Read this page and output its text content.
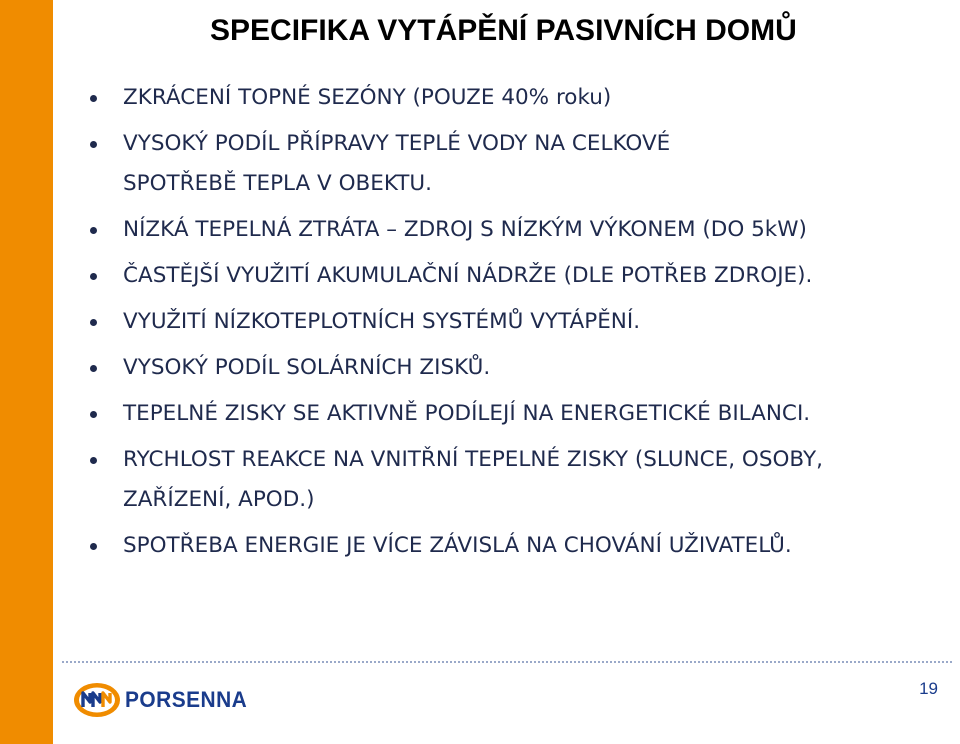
SPECIFIKA VYTÁPĚNÍ PASIVNÍCH DOMŮ
ZKRÁCENÍ TOPNÉ SEZÓNY (POUZE 40% roku)
VYSOKÝ PODÍL PŘÍPRAVY TEPLÉ VODY NA CELKOVÉ SPOTŘEBĚ TEPLA V OBEKTU.
NÍZKÁ TEPELNÁ ZTRÁTA – ZDROJ S NÍZKÝM VÝKONEM (DO 5kW)
ČASTĚJŠÍ VYUŽITÍ AKUMULAČNÍ NÁDRŽE (DLE POTŘEB ZDROJE).
VYUŽITÍ NÍZKOTEPLOTNÍCH SYSTÉMŮ VYTÁPĚNÍ.
VYSOKÝ PODÍL SOLÁRNÍCH ZISKŮ.
TEPELNÉ ZISKY SE AKTIVNĚ PODÍLEJÍ NA ENERGETICKÉ BILANCI.
RYCHLOST REAKCE NA VNITŘNÍ TEPELNÉ ZISKY (SLUNCE, OSOBY, ZAŘÍZENÍ, APOD.)
SPOTŘEBA ENERGIE JE VÍCE ZÁVISLÁ NA CHOVÁNÍ UŽIVATELŮ.
PORSENNA	19
